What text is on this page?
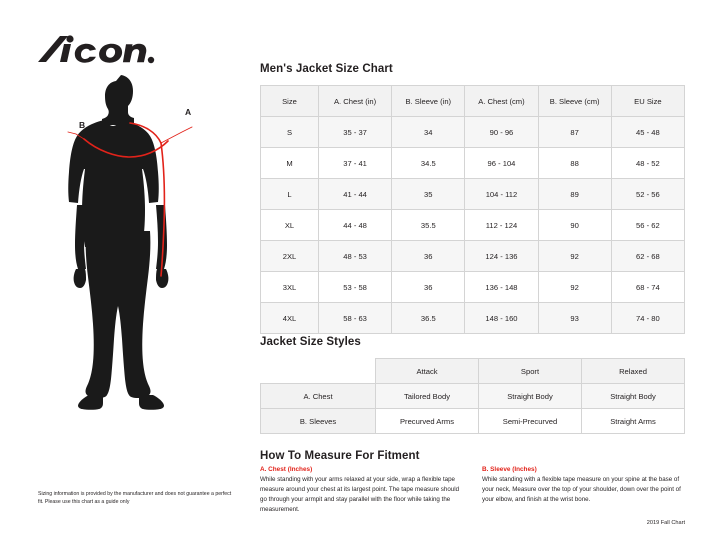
A
B
Sizing information is provided by the manufacturer and does not guarantee a perfect fit. Please use this chart as a guide only
Men's Jacket Size Chart
Size	A. Chest (in)	B. Sleeve (in)	A. Chest (cm)	B. Sleeve (cm)	EU Size
S	35 - 37	34	90 - 96	87	45 - 48
M	37 - 41	34.5	96 - 104	88	48 - 52
L	41 - 44	35	104 - 112	89	52 - 56
XL	44 - 48	35.5	112 - 124	90	56 - 62
2XL	48 - 53	36	124 - 136	92	62 - 68
3XL	53 - 58	36	136 - 148	92	68 - 74
4XL	58 - 63	36.5	148 - 160	93	74 - 80
Jacket Size Styles
	Attack	Sport	Relaxed
A. Chest	Tailored Body	Straight Body	Straight Body
B. Sleeves	Precurved Arms	Semi-Precurved	Straight Arms
How To Measure For Fitment
A. Chest (Inches)
While standing with your arms relaxed at your side, wrap a flexible tape measure around your chest at its largest point. The tape measure should go through your armpit and stay parallel with the floor while taking the measurement.
B. Sleeve (Inches)
While standing with a flexible tape measure on your spine at the base of your neck, Measure over the top of your shoulder, down over the point of your elbow, and finish at the wrist bone.
2019 Fall Chart
